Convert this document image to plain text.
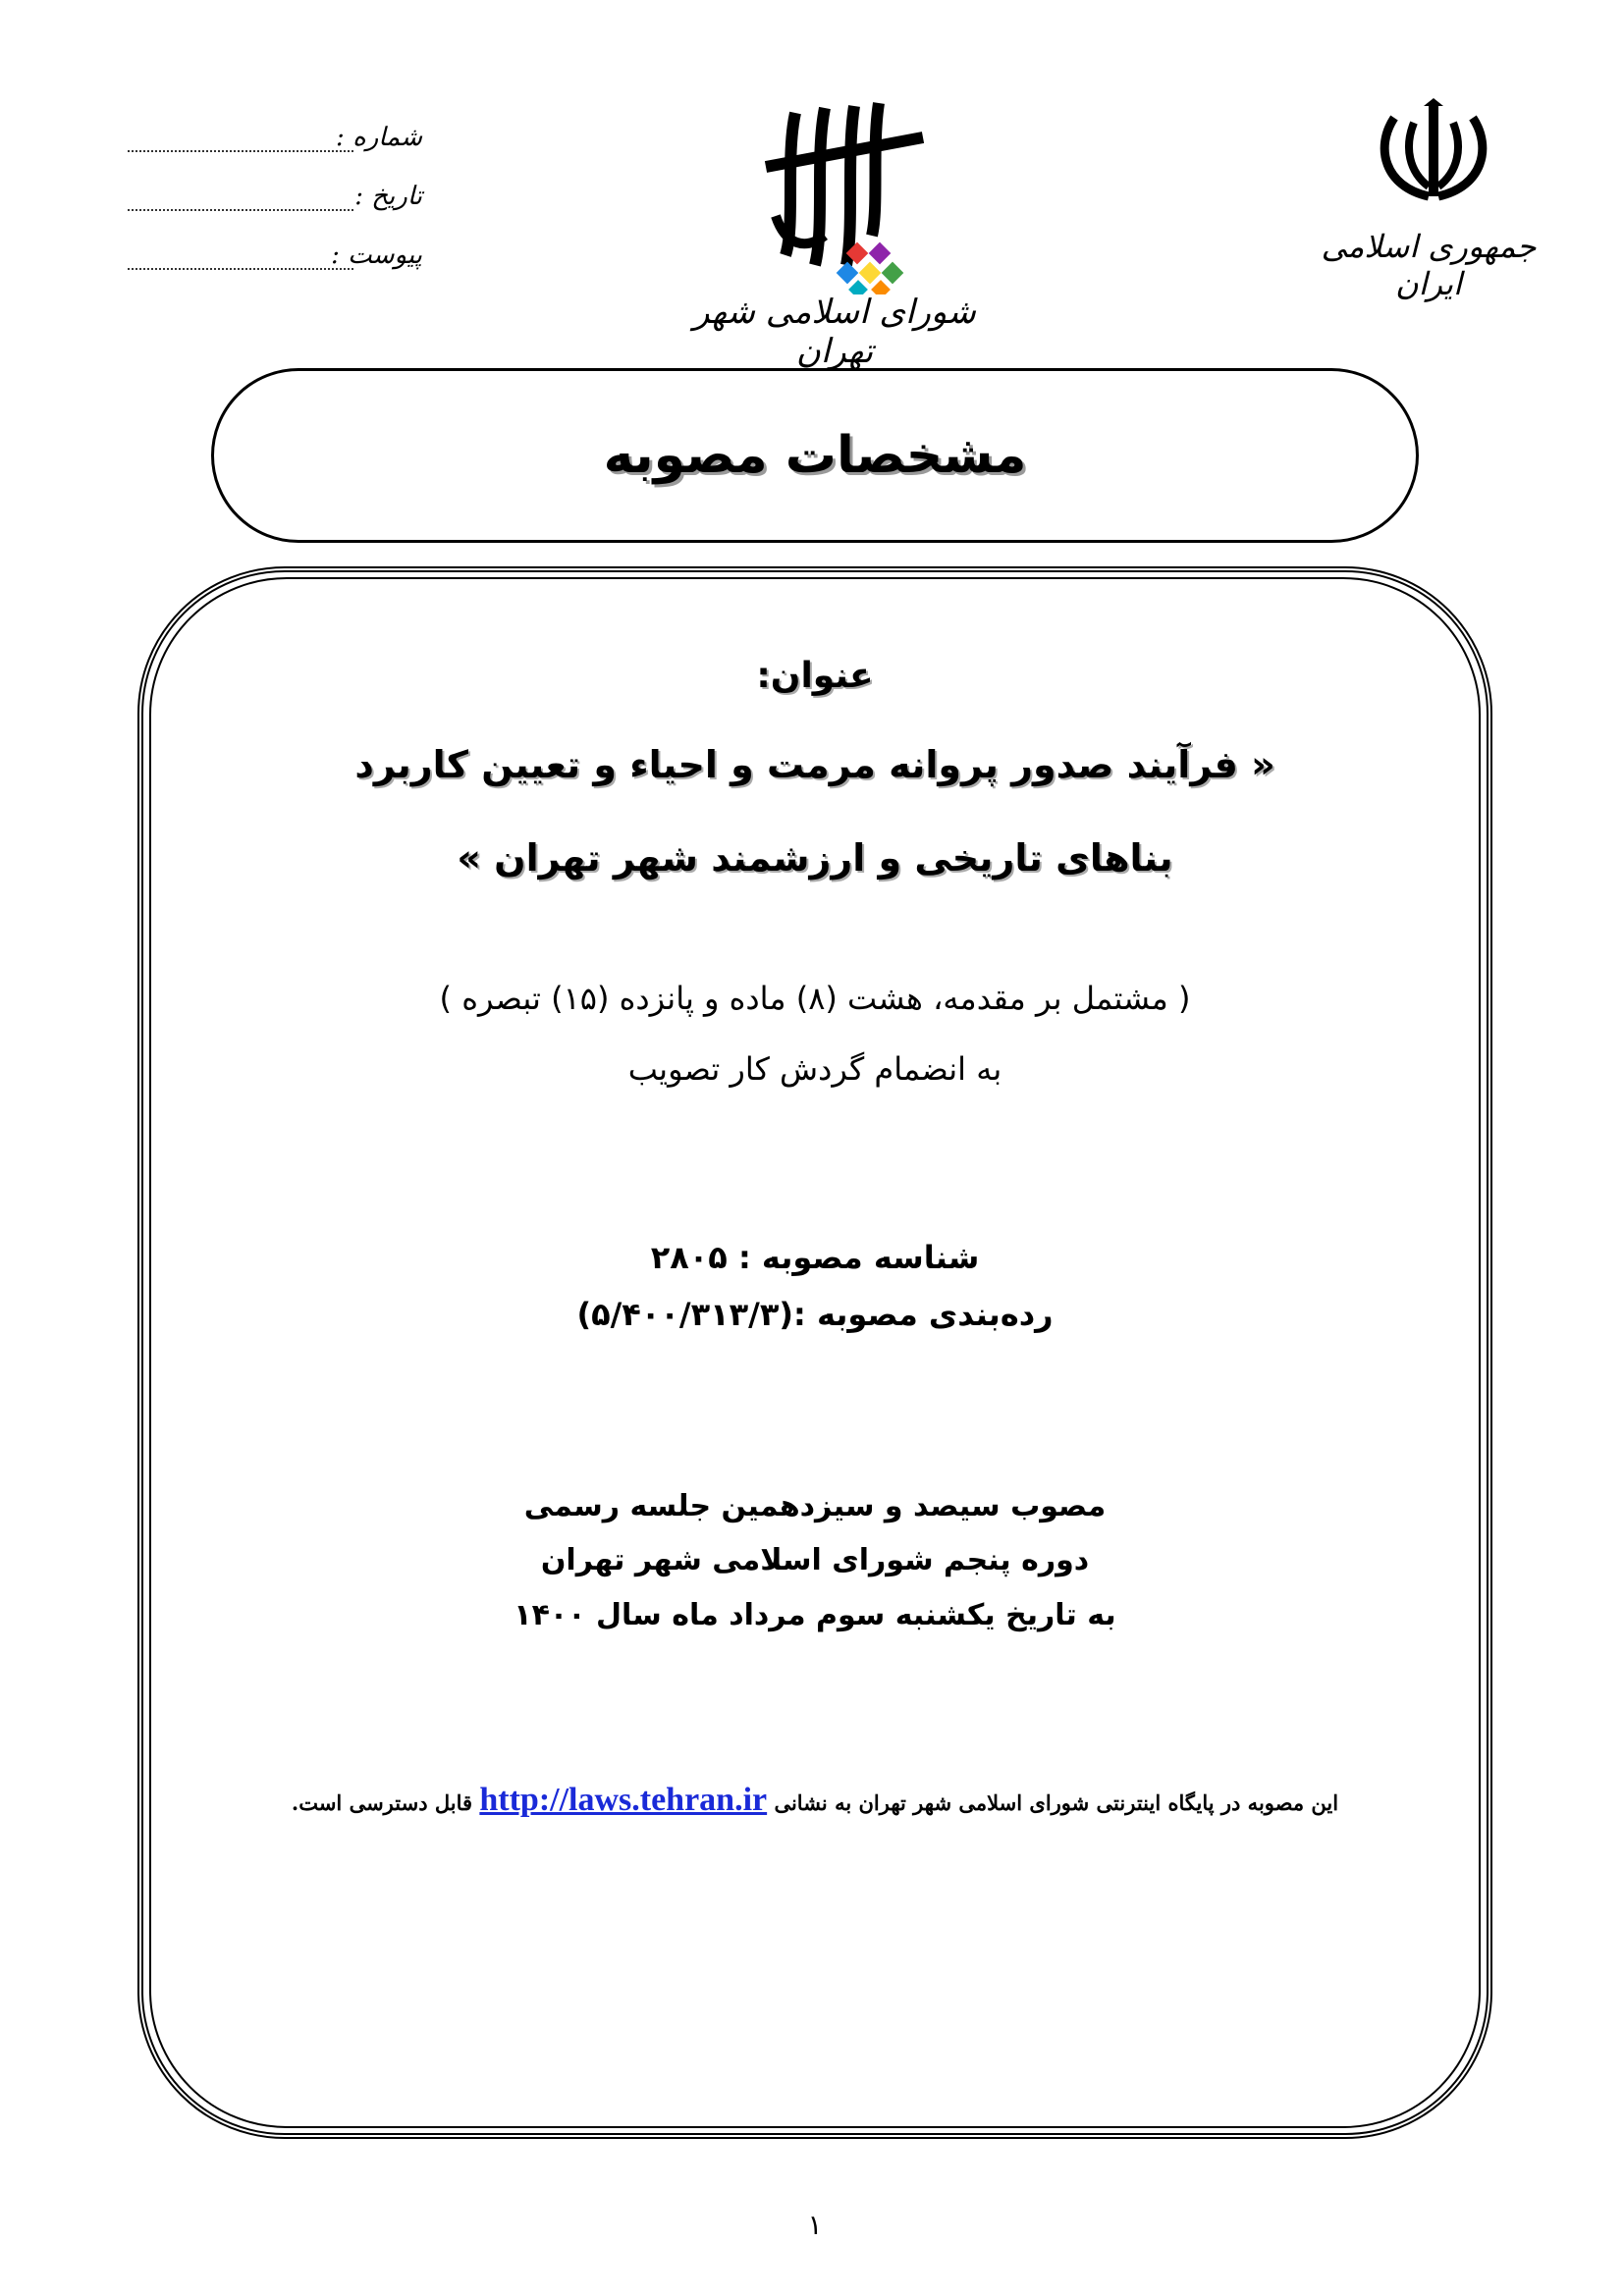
جمهوری اسلامی ایران
شورای اسلامی شهر تهران
شماره :
تاریخ :
پیوست :
مشخصات مصوبه
عنوان:
« فرآیند صدور پروانه مرمت و احیاء و تعیین کاربرد
بناهای تاریخی و ارزشمند شهر تهران »
( مشتمل بر مقدمه، هشت (۸) ماده و پانزده (۱۵) تبصره )
به انضمام گردش کار تصویب
شناسه مصوبه : ۲۸۰۵
رده‌بندی مصوبه :(۵/۴۰۰/۳۱۳/۳)
مصوب سیصد و سیزدهمین جلسه رسمی
دوره پنجم شورای اسلامی شهر تهران
به تاریخ یکشنبه سوم مرداد ماه سال ۱۴۰۰
این مصوبه در پایگاه اینترنتی شورای اسلامی شهر تهران به نشانی http://laws.tehran.ir قابل دسترسی است.
۱
